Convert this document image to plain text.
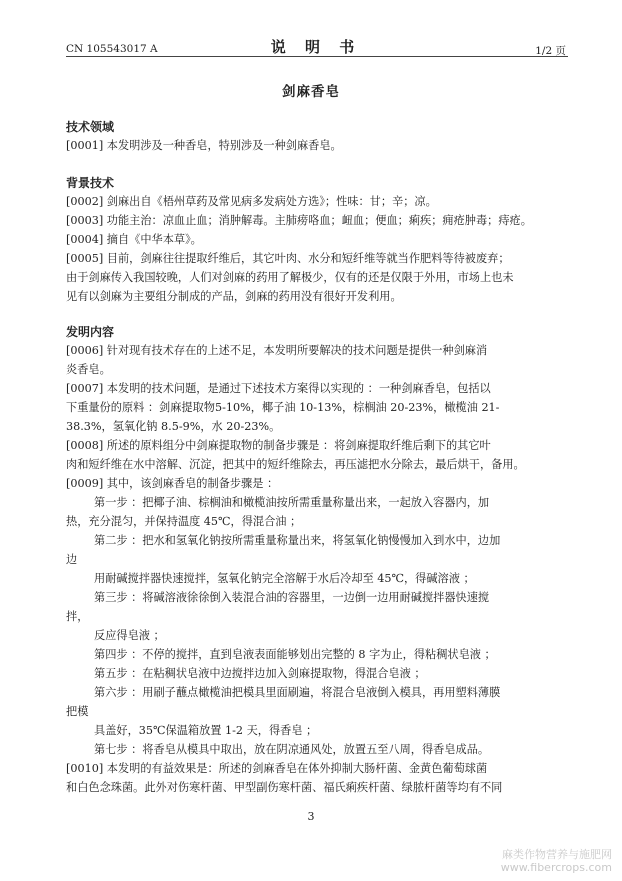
CN 105543017 A	说 明 书	1/2 页
剑麻香皂
技术领域
[0001] 本发明涉及一种香皂，特别涉及一种剑麻香皂。
背景技术
[0002] 剑麻出自《梧州草药及常见病多发病处方选》；性味：甘；辛；凉。
[0003] 功能主治：凉血止血；消肿解毒。主肺痨咯血；衄血；便血；痢疾；痈疮肿毒；痔疮。
[0004] 摘自《中华本草》。
[0005] 目前，剑麻往往提取纤维后，其它叶肉、水分和短纤维等就当作肥料等待被废弃；
由于剑麻传入我国较晚，人们对剑麻的药用了解极少，仅有的还是仅限于外用，市场上也未
见有以剑麻为主要组分制成的产品，剑麻的药用没有很好开发利用。
发明内容
[0006] 针对现有技术存在的上述不足，本发明所要解决的技术问题是提供一种剑麻消
炎香皂。
[0007] 本发明的技术问题，是通过下述技术方案得以实现的 ：一种剑麻香皂，包括以
下重量份的原料 ：剑麻提取物5-10%，椰子油 10-13%，棕榈油 20-23%，橄榄油 21-
38.3%，氢氧化钠 8.5-9%，水 20-23%。
[0008] 所述的原料组分中剑麻提取物的制备步骤是 ：将剑麻提取纤维后剩下的其它叶
肉和短纤维在水中溶解、沉淀，把其中的短纤维除去，再压滤把水分除去，最后烘干，备用。
[0009] 其中，该剑麻香皂的制备步骤是 ：
第一步 ：把椰子油、棕榈油和橄榄油按所需重量称量出来，一起放入容器内，加
热，充分混匀，并保持温度 45℃，得混合油 ；
第二步 ：把水和氢氧化钠按所需重量称量出来，将氢氧化钠慢慢加入到水中，边加
边
用耐碱搅拌器快速搅拌，氢氧化钠完全溶解于水后冷却至 45℃，得碱溶液 ；
第三步 ：将碱溶液徐徐倒入装混合油的容器里，一边倒一边用耐碱搅拌器快速搅
拌，
反应得皂液 ；
第四步 ：不停的搅拌，直到皂液表面能够划出完整的 8 字为止，得粘稠状皂液 ；
第五步 ：在粘稠状皂液中边搅拌边加入剑麻提取物，得混合皂液 ；
第六步 ：用刷子蘸点橄榄油把模具里面刷遍，将混合皂液倒入模具，再用塑料薄膜
把模
具盖好，35℃保温箱放置 1-2 天，得香皂 ；
第七步 ：将香皂从模具中取出，放在阴凉通风处，放置五至八周，得香皂成品。
[0010] 本发明的有益效果是：所述的剑麻香皂在体外抑制大肠杆菌、金黄色葡萄球菌
和白色念珠菌。此外对伤寒杆菌、甲型副伤寒杆菌、福氏痢疾杆菌、绿脓杆菌等均有不同
3
麻类作物营养与施肥网
www.fibercrops.com
